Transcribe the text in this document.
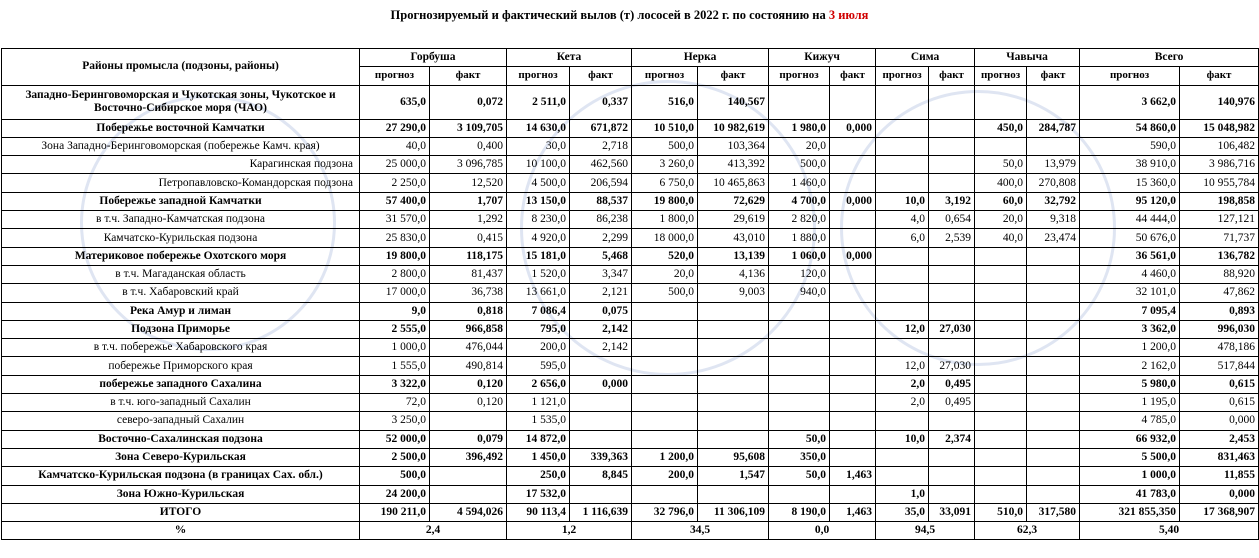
Прогнозируемый и фактический вылов (т) лососей в 2022 г. по состоянию на 3 июля
Районы промысла (подзоны, районы)	Горбуша		Кета		Нерка		Кижуч		Сима		Чавыча		Всего	
	прогноз	факт	прогноз	факт	прогноз	факт	прогноз	факт	прогноз	факт	прогноз	факт	прогноз	факт
Западно-Беринговоморская и Чукотская зоны, Чукотское и Восточно-Сибирское моря (ЧАО)	635,0	0,072	2 511,0	0,337	516,0	140,567							3 662,0	140,976
Побережье восточной Камчатки	27 290,0	3 109,705	14 630,0	671,872	10 510,0	10 982,619	1 980,0	0,000			450,0	284,787	54 860,0	15 048,982
Зона Западно-Беринговоморская (побережье Камч. края)	40,0	0,400	30,0	2,718	500,0	103,364	20,0						590,0	106,482
Карагинская подзона	25 000,0	3 096,785	10 100,0	462,560	3 260,0	413,392	500,0				50,0	13,979	38 910,0	3 986,716
Петропавловско-Командорская подзона	2 250,0	12,520	4 500,0	206,594	6 750,0	10 465,863	1 460,0				400,0	270,808	15 360,0	10 955,784
Побережье западной Камчатки	57 400,0	1,707	13 150,0	88,537	19 800,0	72,629	4 700,0	0,000	10,0	3,192	60,0	32,792	95 120,0	198,858
в т.ч. Западно-Камчатская подзона	31 570,0	1,292	8 230,0	86,238	1 800,0	29,619	2 820,0		4,0	0,654	20,0	9,318	44 444,0	127,121
Камчатско-Курильская подзона	25 830,0	0,415	4 920,0	2,299	18 000,0	43,010	1 880,0		6,0	2,539	40,0	23,474	50 676,0	71,737
Материковое побережье Охотского моря	19 800,0	118,175	15 181,0	5,468	520,0	13,139	1 060,0	0,000					36 561,0	136,782
в т.ч. Магаданская область	2 800,0	81,437	1 520,0	3,347	20,0	4,136	120,0						4 460,0	88,920
в т.ч. Хабаровский край	17 000,0	36,738	13 661,0	2,121	500,0	9,003	940,0						32 101,0	47,862
Река Амур и лиман	9,0	0,818	7 086,4	0,075									7 095,4	0,893
Подзона Приморье	2 555,0	966,858	795,0	2,142					12,0	27,030			3 362,0	996,030
в т.ч. побережье Хабаровского края	1 000,0	476,044	200,0	2,142									1 200,0	478,186
побережье Приморского края	1 555,0	490,814	595,0						12,0	27,030			2 162,0	517,844
побережье западного Сахалина	3 322,0	0,120	2 656,0	0,000					2,0	0,495			5 980,0	0,615
в т.ч. юго-западный Сахалин	72,0	0,120	1 121,0						2,0	0,495			1 195,0	0,615
северо-западный Сахалин	3 250,0		1 535,0										4 785,0	0,000
Восточно-Сахалинская подзона	52 000,0	0,079	14 872,0				50,0		10,0	2,374			66 932,0	2,453
Зона Северо-Курильская	2 500,0	396,492	1 450,0	339,363	1 200,0	95,608	350,0						5 500,0	831,463
Камчатско-Курильская подзона (в границах Сах. обл.)	500,0		250,0	8,845	200,0	1,547	50,0	1,463					1 000,0	11,855
Зона Южно-Курильская	24 200,0		17 532,0						1,0				41 783,0	0,000
ИТОГО	190 211,0	4 594,026	90 113,4	1 116,639	32 796,0	11 306,109	8 190,0	1,463	35,0	33,091	510,0	317,580	321 855,350	17 368,907
%	2,4		1,2		34,5		0,0		94,5		62,3		5,40	
